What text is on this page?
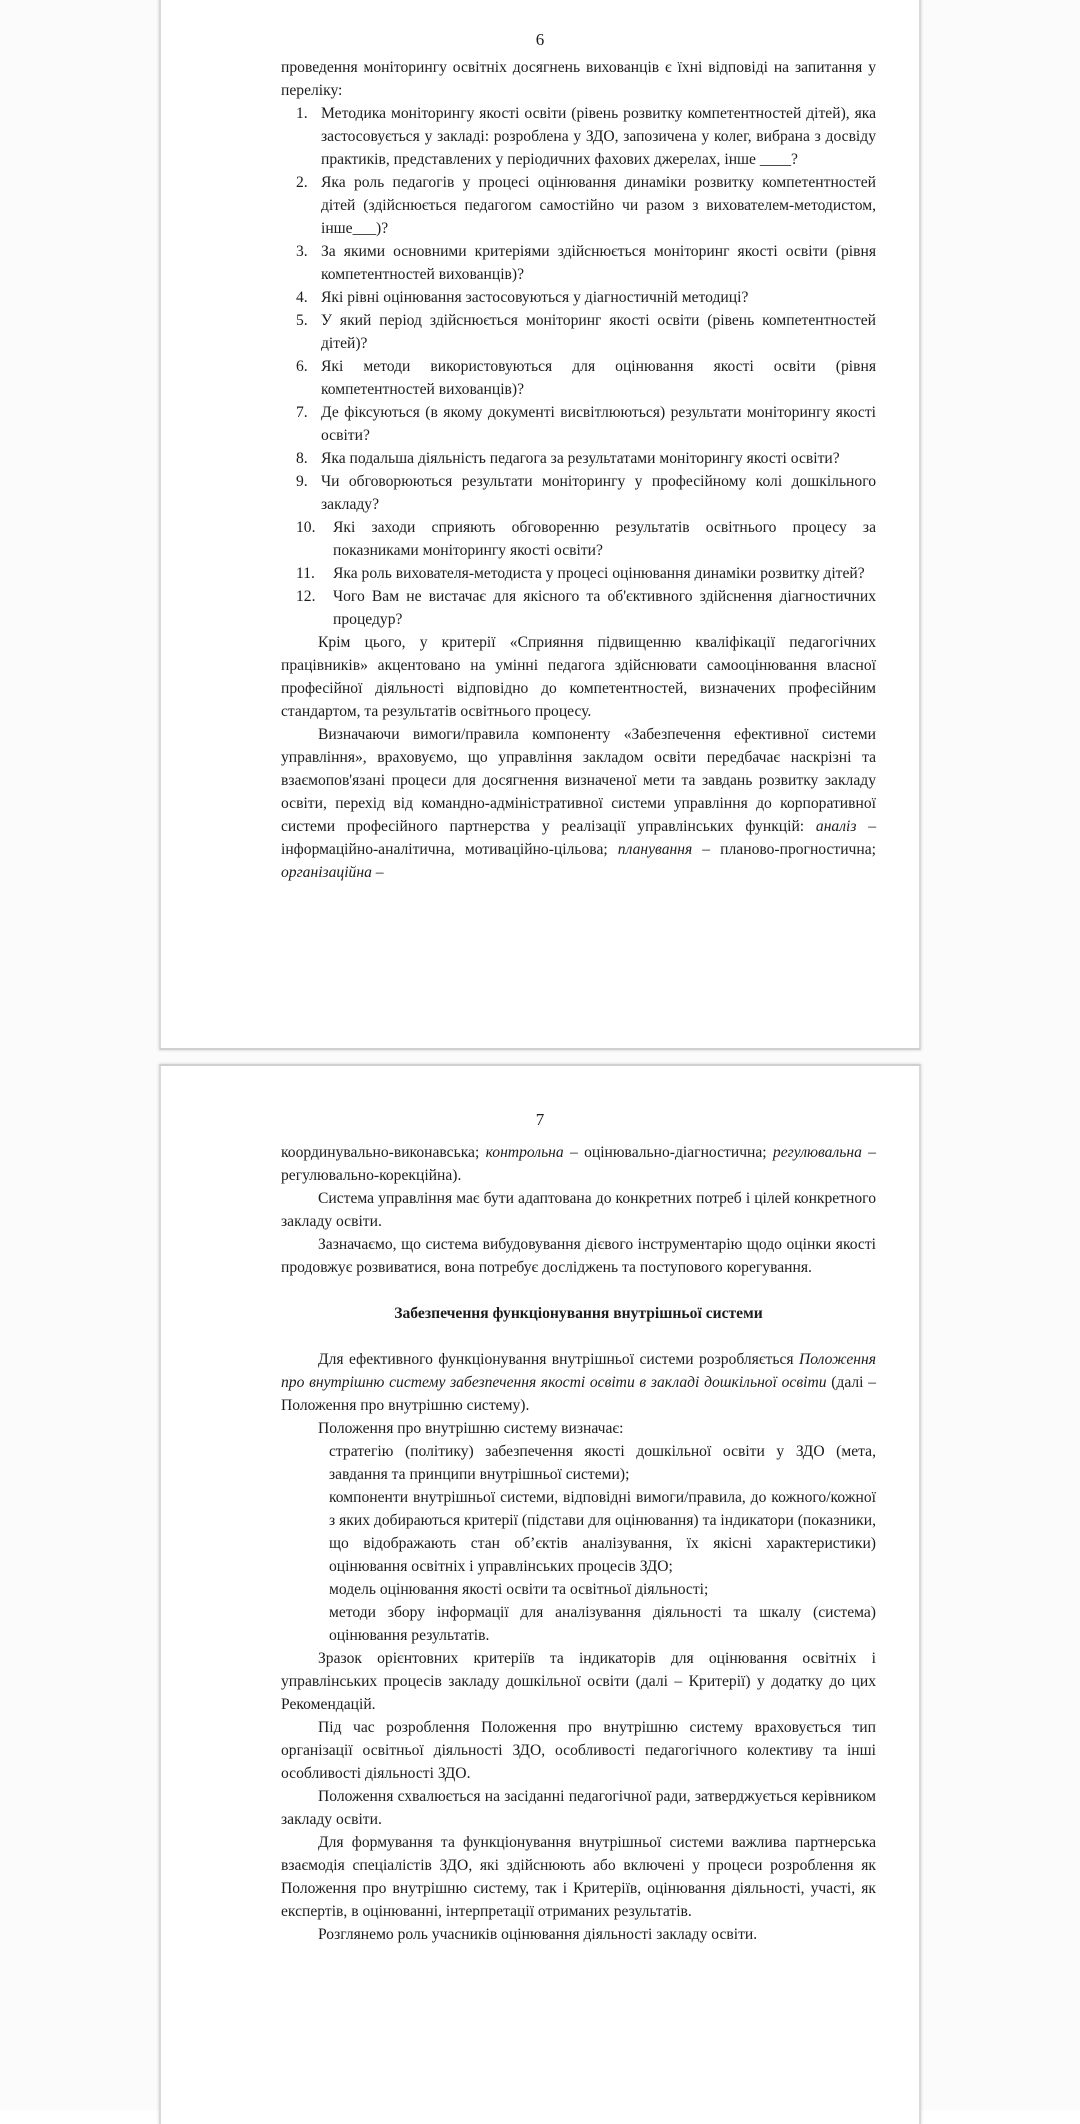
6

проведення моніторингу освітніх досягнень вихованців є їхні відповіді на запитання у переліку:

1. Методика моніторингу якості освіти (рівень розвитку компетентностей дітей), яка застосовується у закладі: розроблена у ЗДО, запозичена у колег, вибрана з досвіду практиків, представлених у періодичних фахових джерелах, інше ____?
2. Яка роль педагогів у процесі оцінювання динаміки розвитку компетентностей дітей (здійснюється педагогом самостійно чи разом з вихователем-методистом, інше___)?
3. За якими основними критеріями здійснюється моніторинг якості освіти (рівня компетентностей вихованців)?
4. Які рівні оцінювання застосовуються у діагностичній методиці?
5. У який період здійснюється моніторинг якості освіти (рівень компетентностей дітей)?
6. Які методи використовуються для оцінювання якості освіти (рівня компетентностей вихованців)?
7. Де фіксуються (в якому документі висвітлюються) результати моніторингу якості освіти?
8. Яка подальша діяльність педагога за результатами моніторингу якості освіти?
9. Чи обговорюються результати моніторингу у професійному колі дошкільного закладу?
10. Які заходи сприяють обговоренню результатів освітнього процесу за показниками моніторингу якості освіти?
11. Яка роль вихователя-методиста у процесі оцінювання динаміки розвитку дітей?
12. Чого Вам не вистачає для якісного та об'єктивного здійснення діагностичних процедур?

Крім цього, у критерії «Сприяння підвищенню кваліфікації педагогічних працівників» акцентовано на умінні педагога здійснювати самооцінювання власної професійної діяльності відповідно до компетентностей, визначених професійним стандартом, та результатів освітнього процесу.

Визначаючи вимоги/правила компоненту «Забезпечення ефективної системи управління», враховуємо, що управління закладом освіти передбачає наскрізні та взаємопов'язані процеси для досягнення визначеної мети та завдань розвитку закладу освіти, перехід від командно-адміністративної системи управління до корпоративної системи професійного партнерства у реалізації управлінських функцій: аналіз – інформаційно-аналітична, мотиваційно-цільова; планування – планово-прогностична; організаційна –

7

координувально-виконавська; контрольна – оцінювально-діагностична; регулювальна – регулювально-корекційна).

Система управління має бути адаптована до конкретних потреб і цілей конкретного закладу освіти.

Зазначаємо, що система вибудовування дієвого інструментарію щодо оцінки якості продовжує розвиватися, вона потребує досліджень та поступового корегування.

Забезпечення функціонування внутрішньої системи

Для ефективного функціонування внутрішньої системи розробляється Положення про внутрішню систему забезпечення якості освіти в закладі дошкільної освіти (далі – Положення про внутрішню систему).

Положення про внутрішню систему визначає:

стратегію (політику) забезпечення якості дошкільної освіти у ЗДО (мета, завдання та принципи внутрішньої системи);
компоненти внутрішньої системи, відповідні вимоги/правила, до кожного/кожної з яких добираються критерії (підстави для оцінювання) та індикатори (показники, що відображають стан об’єктів аналізування, їх якісні характеристики) оцінювання освітніх і управлінських процесів ЗДО;
модель оцінювання якості освіти та освітньої діяльності;
методи збору інформації для аналізування діяльності та шкалу (система) оцінювання результатів.

Зразок орієнтовних критеріїв та індикаторів для оцінювання освітніх і управлінських процесів закладу дошкільної освіти (далі – Критерії) у додатку до цих Рекомендацій.

Під час розроблення Положення про внутрішню систему враховується тип організації освітньої діяльності ЗДО, особливості педагогічного колективу та інші особливості діяльності ЗДО.

Положення схвалюється на засіданні педагогічної ради, затверджується керівником закладу освіти.

Для формування та функціонування внутрішньої системи важлива партнерська взаємодія спеціалістів ЗДО, які здійснюють або включені у процеси розроблення як Положення про внутрішню систему, так і Критеріїв, оцінювання діяльності, участі, як експертів, в оцінюванні, інтерпретації отриманих результатів.

Розглянемо роль учасників оцінювання діяльності закладу освіти.
